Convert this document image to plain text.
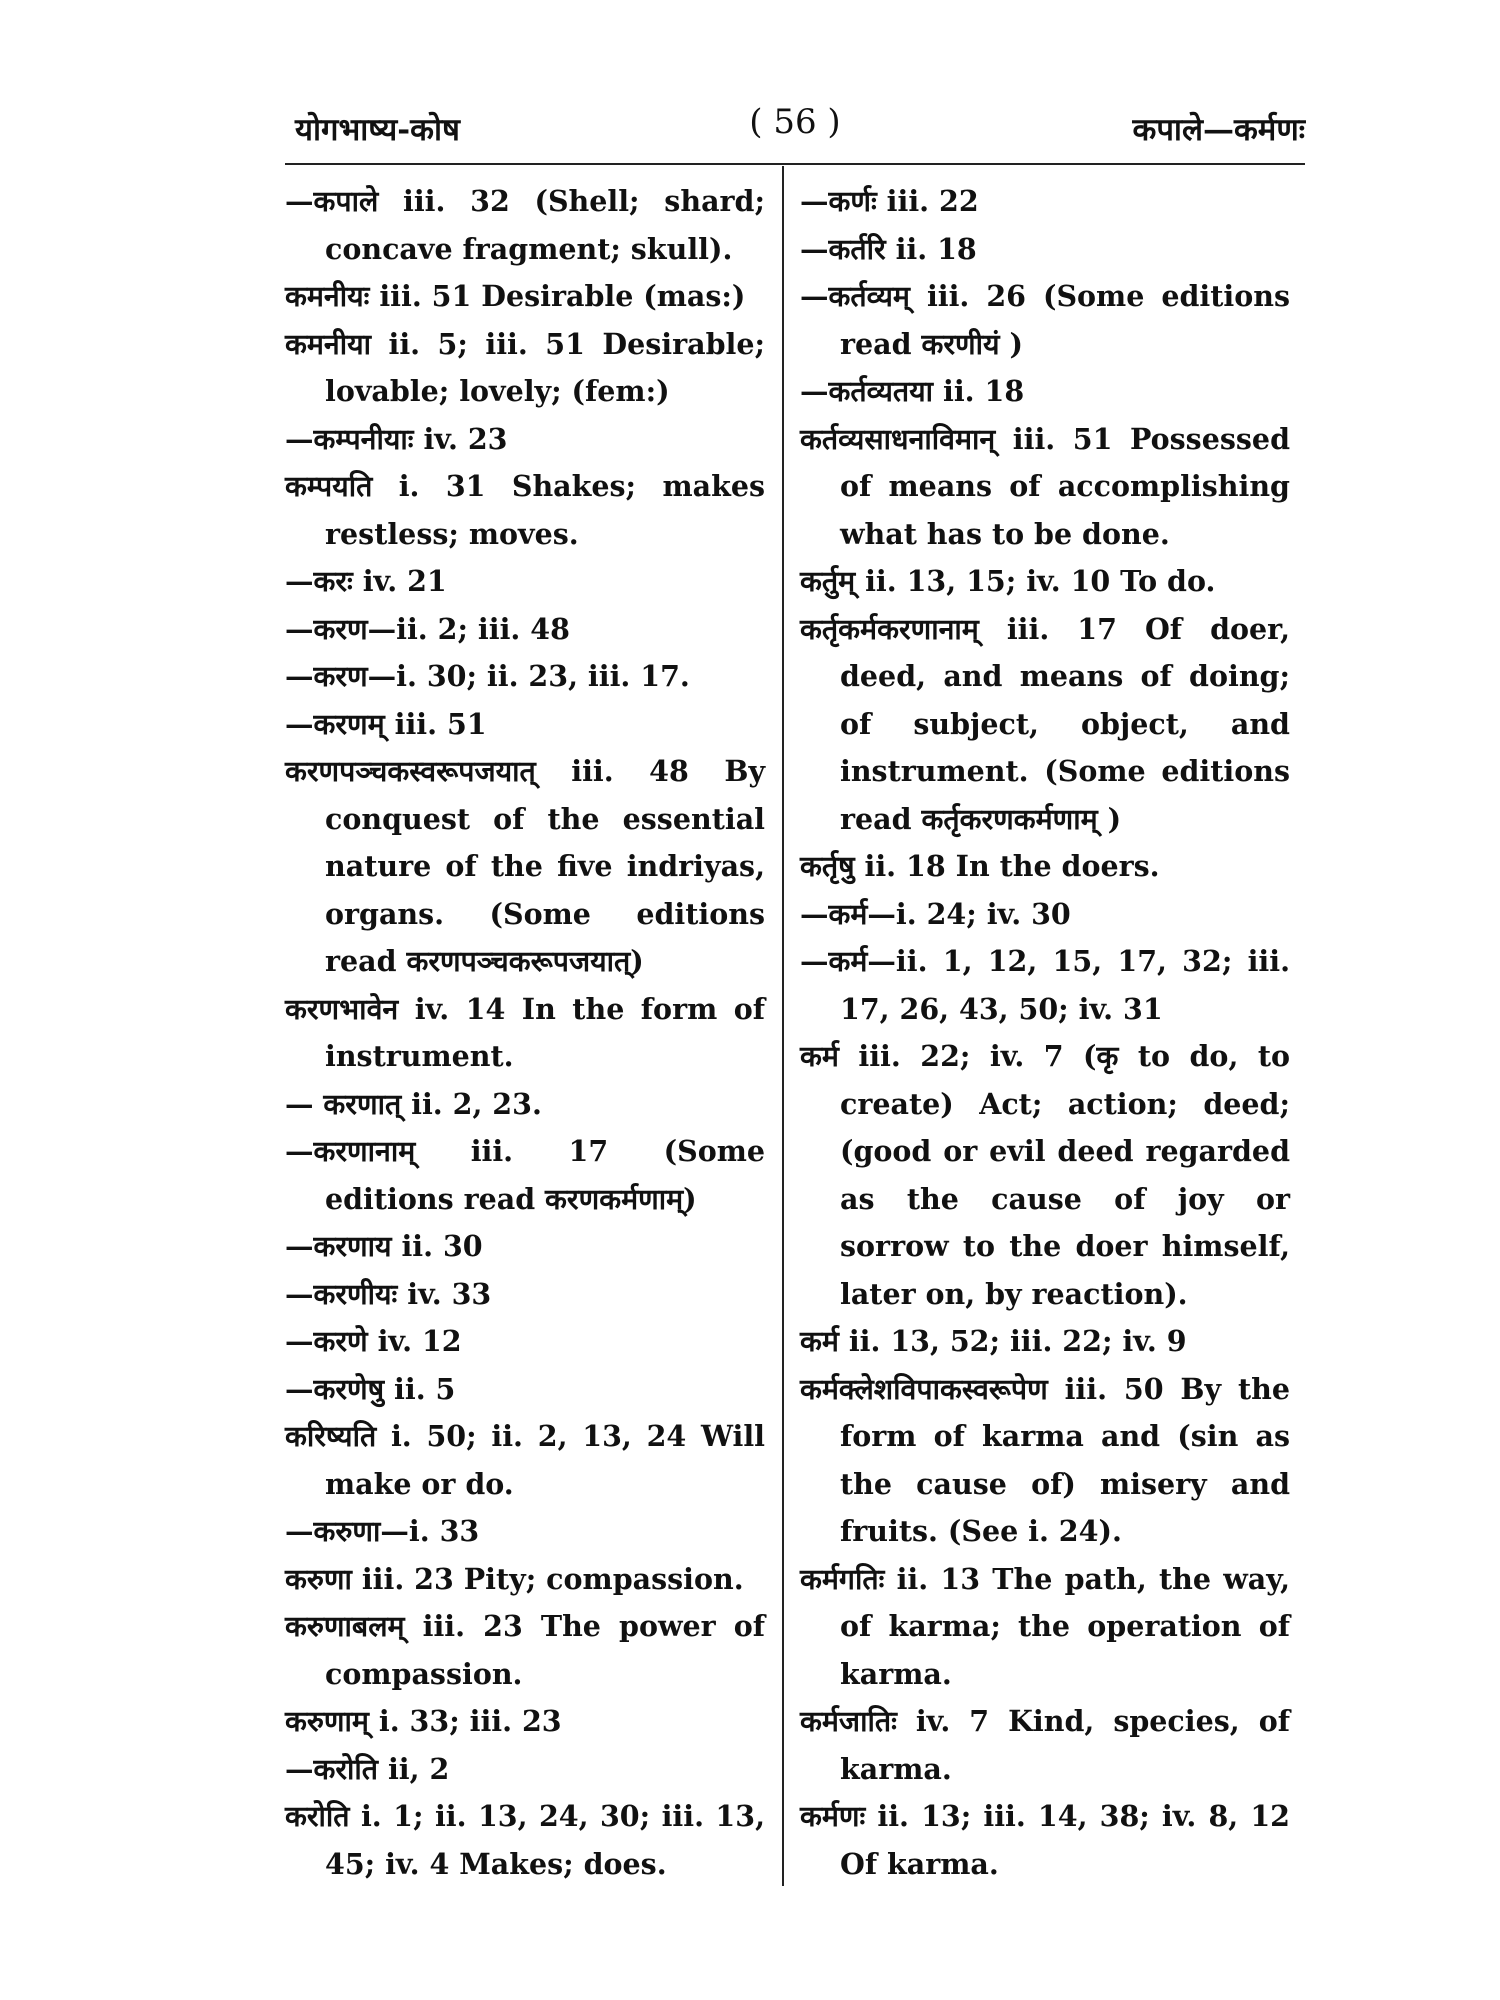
योगभाष्य-कोष	( 56 )	कपाले—कर्मणः

—कपाले iii. 32 (Shell; shard; concave fragment; skull).

कमनीयः iii. 51 Desirable (mas:)

कमनीया ii. 5; iii. 51 Desirable; lovable; lovely; (fem:)

—कम्पनीयाः iv. 23

कम्पयति i. 31 Shakes; makes restless; moves.

—करः iv. 21

—करण—ii. 2; iii. 48

—करण—i. 30; ii. 23, iii. 17.

—करणम् iii. 51

करणपञ्चकस्वरूपजयात् iii. 48 By conquest of the essential nature of the five indriyas, organs. (Some editions read करणपञ्चकरूपजयात्)

करणभावेन iv. 14 In the form of instrument.

— करणात् ii. 2, 23.

—करणानाम् iii. 17 (Some editions read करणकर्मणाम्)

—करणाय ii. 30

—करणीयः iv. 33

—करणे iv. 12

—करणेषु ii. 5

करिष्यति i. 50; ii. 2, 13, 24 Will make or do.

—करुणा—i. 33

करुणा iii. 23 Pity; compassion.

करुणाबलम् iii. 23 The power of compassion.

करुणाम् i. 33; iii. 23

—करोति ii, 2

करोति i. 1; ii. 13, 24, 30; iii. 13, 45; iv. 4 Makes; does.

—कर्णः iii. 22

—कर्तरि ii. 18

—कर्तव्यम् iii. 26 (Some editions read करणीयं )

—कर्तव्यतया ii. 18

कर्तव्यसाधनाविमान् iii. 51 Possessed of means of accomplishing what has to be done.

कर्तुम् ii. 13, 15; iv. 10 To do.

कर्तृकर्मकरणानाम् iii. 17 Of doer, deed, and means of doing; of subject, object, and instrument. (Some editions read कर्तृकरणकर्मणाम् )

कर्तृषु ii. 18 In the doers.

—कर्म—i. 24; iv. 30

—कर्म—ii. 1, 12, 15, 17, 32; iii. 17, 26, 43, 50; iv. 31

कर्म iii. 22; iv. 7 (कृ to do, to create) Act; action; deed; (good or evil deed regarded as the cause of joy or sorrow to the doer himself, later on, by reaction).

कर्म ii. 13, 52; iii. 22; iv. 9

कर्मक्लेशविपाकस्वरूपेण iii. 50 By the form of karma and (sin as the cause of) misery and fruits. (See i. 24).

कर्मगतिः ii. 13 The path, the way, of karma; the operation of karma.

कर्मजातिः iv. 7 Kind, species, of karma.

कर्मणः ii. 13; iii. 14, 38; iv. 8, 12 Of karma.
